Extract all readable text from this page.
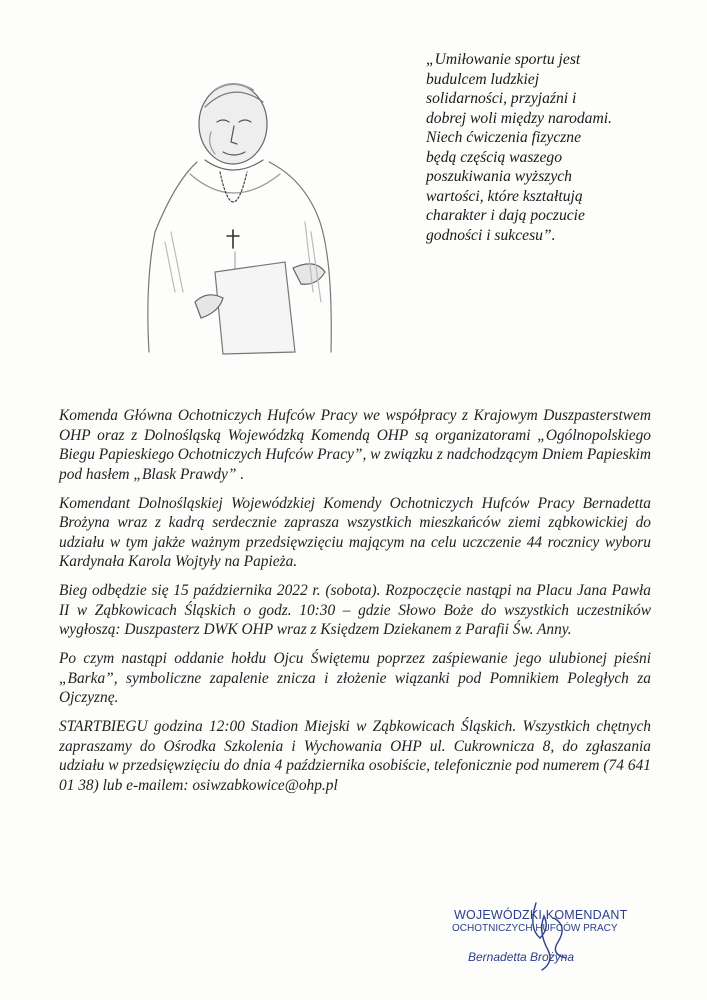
„Umiłowanie sportu jest

budulcem ludzkiej

solidarności, przyjaźni i

dobrej woli między narodami.

Niech ćwiczenia fizyczne

będą częścią waszego

poszukiwania wyższych

wartości, które kształtują

charakter i dają poczucie

godności i sukcesu”.

Komenda Główna Ochotniczych Hufców Pracy we współpracy z Krajowym Duszpasterstwem OHP oraz z Dolnośląską Wojewódzką Komendą OHP są organizatorami „Ogólnopolskiego Biegu Papieskiego Ochotniczych Hufców Pracy”, w związku z nadchodzącym Dniem Papieskim pod hasłem „Blask Prawdy” .

Komendant Dolnośląskiej Wojewódzkiej Komendy Ochotniczych Hufców Pracy Bernadetta Brożyna wraz z kadrą serdecznie zaprasza wszystkich mieszkańców ziemi ząbkowickiej do udziału w tym jakże ważnym przedsięwzięciu mającym na celu uczczenie 44 rocznicy wyboru Kardynała Karola Wojtyły na Papieża.

Bieg odbędzie się 15 października 2022 r. (sobota). Rozpoczęcie nastąpi na Placu Jana Pawła II w Ząbkowicach Śląskich o godz. 10:30 – gdzie Słowo Boże do wszystkich uczestników wygłoszą: Duszpasterz DWK OHP wraz z Księdzem Dziekanem z Parafii Św. Anny.

Po czym nastąpi oddanie hołdu Ojcu Świętemu poprzez zaśpiewanie jego ulubionej pieśni „Barka”, symboliczne zapalenie znicza i złożenie wiązanki pod Pomnikiem Poległych za Ojczyznę.

STARTBIEGU godzina 12:00 Stadion Miejski w Ząbkowicach Śląskich. Wszystkich chętnych zapraszamy do Ośrodka Szkolenia i Wychowania OHP ul. Cukrownicza 8, do zgłaszania udziału w przedsięwzięciu do dnia 4 października osobiście, telefonicznie pod numerem (74 641 01 38) lub e-mailem: osiwzabkowice@ohp.pl

WOJEWÓDZKI KOMENDANT
OCHOTNICZYCH HUFCÓW PRACY
Bernadetta Brożyna
